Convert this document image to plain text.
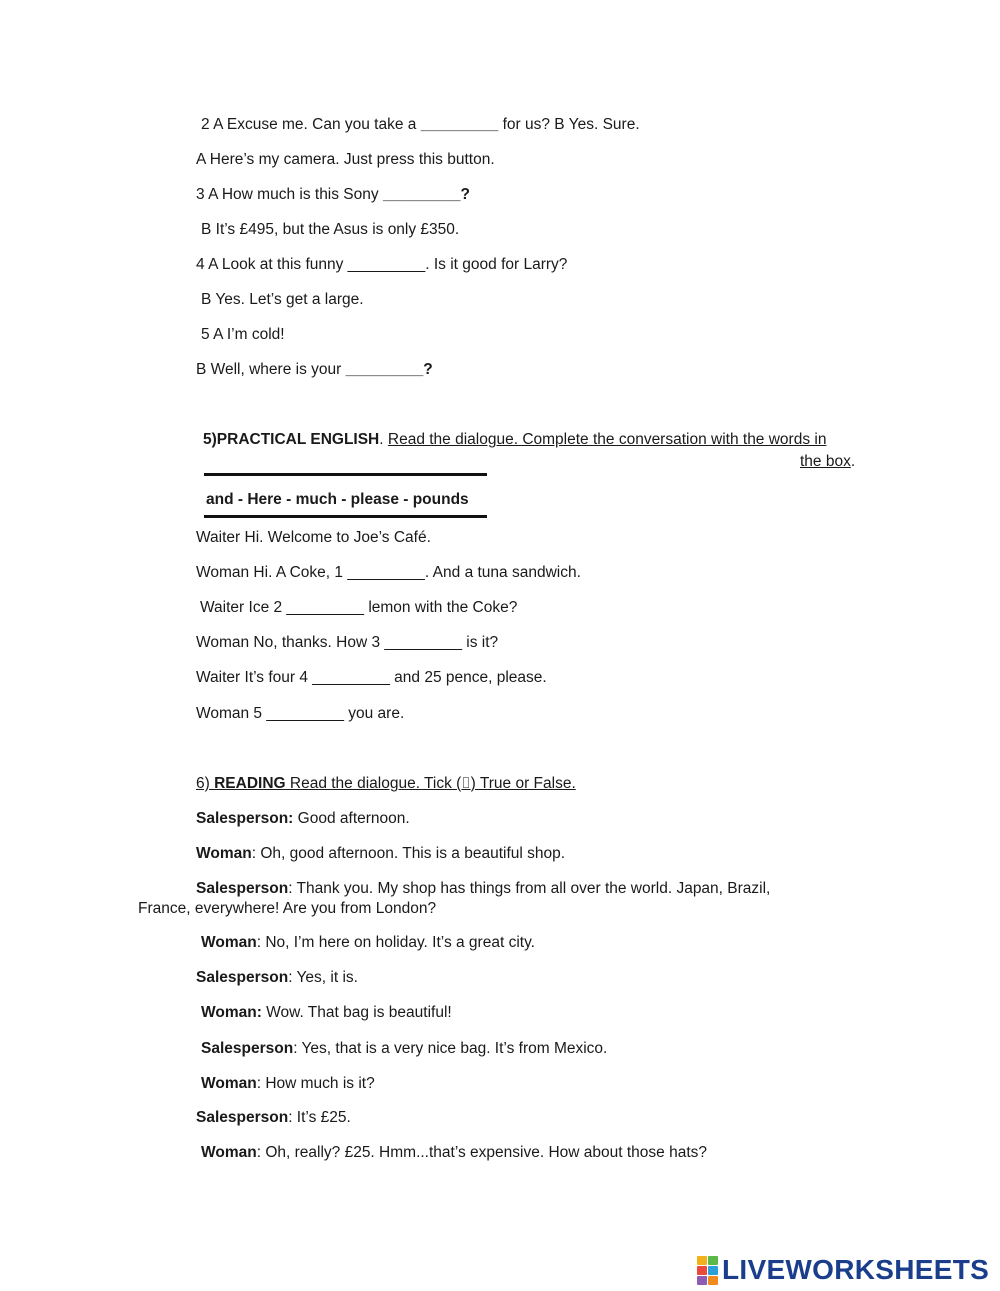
2 A Excuse me. Can you take a _________ for us? B Yes. Sure.
A Here’s my camera. Just press this button.
3 A How much is this Sony _________?
B It’s £495, but the Asus is only £350.
4 A Look at this funny _________. Is it good for Larry?
B Yes. Let’s get a large.
5 A I’m cold!
B Well, where is your _________?
5)PRACTICAL ENGLISH. Read the dialogue. Complete the conversation with the words in
the box.
and - Here - much - please - pounds
Waiter Hi. Welcome to Joe’s Café.
Woman Hi. A Coke, 1 _________. And a tuna sandwich.
Waiter Ice 2 _________ lemon with the Coke?
Woman No, thanks. How 3 _________ is it?
Waiter It’s four 4 _________ and 25 pence, please.
Woman 5 _________ you are.
6) READING Read the dialogue. Tick (⌷) True or False.
Salesperson: Good afternoon.
Woman: Oh, good afternoon. This is a beautiful shop.
Salesperson: Thank you. My shop has things from all over the world. Japan, Brazil,
France, everywhere! Are you from London?
Woman: No, I’m here on holiday. It’s a great city.
Salesperson: Yes, it is.
Woman: Wow. That bag is beautiful!
Salesperson: Yes, that is a very nice bag. It’s from Mexico.
Woman: How much is it?
Salesperson: It’s £25.
Woman: Oh, really? £25. Hmm...that’s expensive. How about those hats?
LIVEWORKSHEETS
